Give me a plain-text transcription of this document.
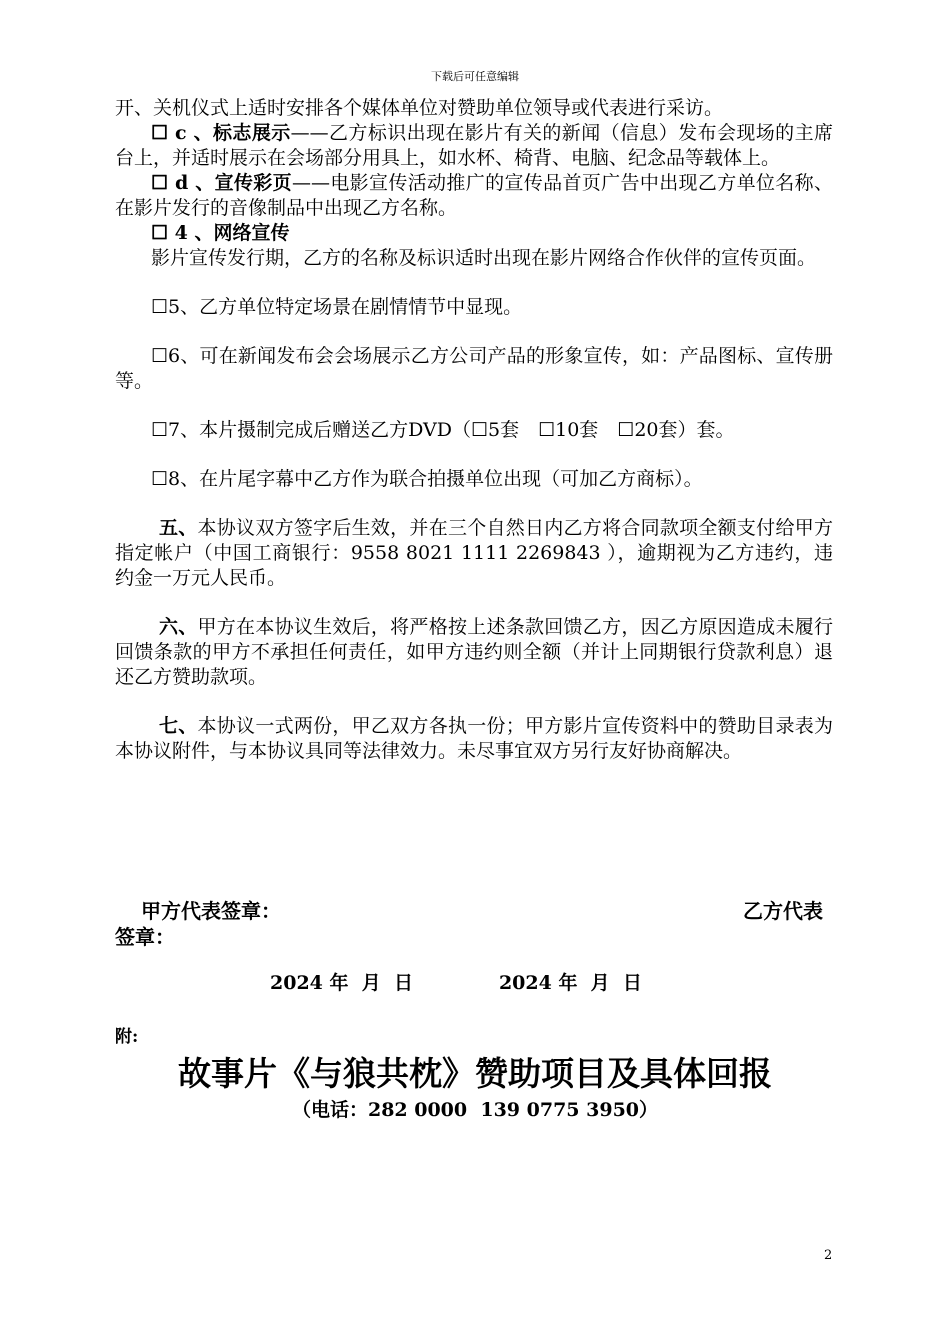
下载后可任意编辑

开、关机仪式上适时安排各个媒体单位对赞助单位领导或代表进行采访。

☐ c 、标志展示——乙方标识出现在影片有关的新闻（信息）发布会现场的主席台上，并适时展示在会场部分用具上，如水杯、椅背、电脑、纪念品等载体上。

☐ d 、宣传彩页——电影宣传活动推广的宣传品首页广告中出现乙方单位名称、在影片发行的音像制品中出现乙方名称。

☐ 4 、网络宣传

影片宣传发行期，乙方的名称及标识适时出现在影片网络合作伙伴的宣传页面。

☐5、乙方单位特定场景在剧情情节中显现。

☐6、可在新闻发布会会场展示乙方公司产品的形象宣传，如：产品图标、宣传册等。

☐7、本片摄制完成后赠送乙方DVD（☐5套　☐10套　☐20套）套。

☐8、在片尾字幕中乙方作为联合拍摄单位出现（可加乙方商标）。

五、本协议双方签字后生效，并在三个自然日内乙方将合同款项全额支付给甲方指定帐户（中国工商银行：9558 8021 1111 2269843 ），逾期视为乙方违约，违约金一万元人民币。

六、甲方在本协议生效后，将严格按上述条款回馈乙方，因乙方原因造成未履行回馈条款的甲方不承担任何责任，如甲方违约则全额（并计上同期银行贷款利息）退还乙方赞助款项。

七、本协议一式两份，甲乙双方各执一份；甲方影片宣传资料中的赞助目录表为本协议附件，与本协议具同等法律效力。未尽事宜双方另行友好协商解决。

甲方代表签章：	乙方代表
签章：
2024 年  月  日             2024 年  月  日
附:
故事片《与狼共枕》赞助项目及具体回报
（电话：282 0000  139 0775 3950）
2
